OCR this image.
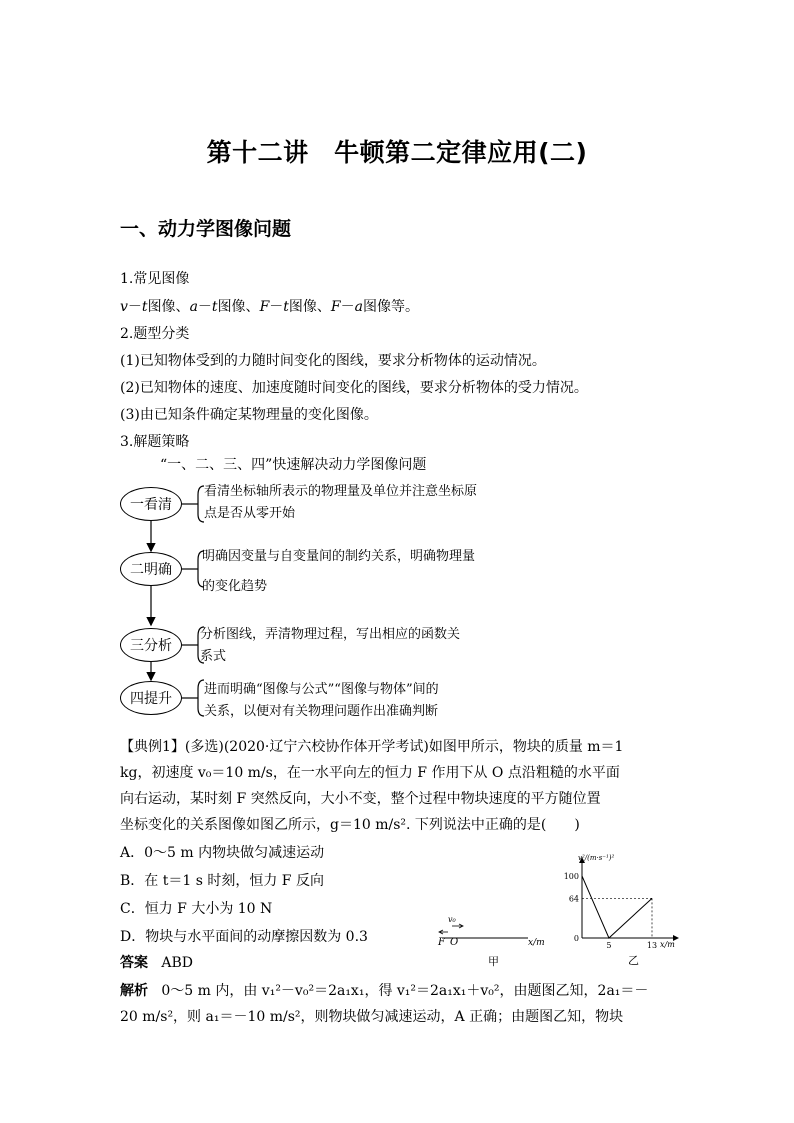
第十二讲　牛顿第二定律应用(二)
一、动力学图像问题
1.常见图像
v－t图像、a－t图像、F－t图像、F－a图像等。
2.题型分类
(1)已知物体受到的力随时间变化的图线，要求分析物体的运动情况。
(2)已知物体的速度、加速度随时间变化的图线，要求分析物体的受力情况。
(3)由已知条件确定某物理量的变化图像。
3.解题策略
“一、二、三、四”快速解决动力学图像问题
一看清
二明确
三分析
四提升
看清坐标轴所表示的物理量及单位并注意坐标原
点是否从零开始
明确因变量与自变量间的制约关系，明确物理量
的变化趋势
分析图线，弄清物理过程，写出相应的函数关
系式
进而明确“图像与公式”“图像与物体”间的
关系，以便对有关物理问题作出准确判断
【典例1】(多选)(2020·辽宁六校协作体开学考试)如图甲所示，物块的质量 m＝1
kg，初速度 v₀＝10 m/s，在一水平向左的恒力 F 作用下从 O 点沿粗糙的水平面
向右运动，某时刻 F 突然反向，大小不变，整个过程中物块速度的平方随位置
坐标变化的关系图像如图乙所示，g＝10 m/s². 下列说法中正确的是(　　)
A．0～5 m 内物块做匀减速运动
B．在 t＝1 s 时刻，恒力 F 反向
C．恒力 F 大小为 10 N
D．物块与水平面间的动摩擦因数为 0.3
答案 ABD
解析 0～5 m 内，由 v₁²－v₀²＝2a₁x₁，得 v₁²＝2a₁x₁＋v₀²，由题图乙知，2a₁＝－
20 m/s²，则 a₁＝－10 m/s²，则物块做匀减速运动，A 正确；由题图乙知，物块
v₀
F O	x/m
甲
v²/(m·s⁻¹)²
x/m
乙
100
64
0
5	13
